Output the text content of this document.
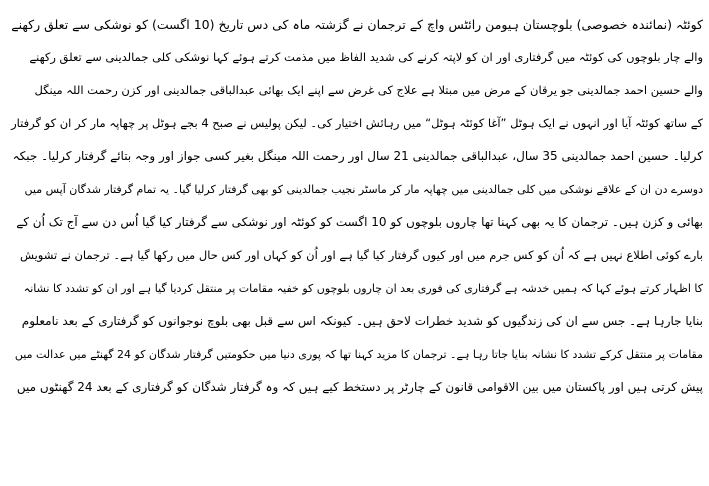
کوئٹہ (نمائندہ خصوصی) بلوچستان ہیومن رائٹس واچ کے ترجمان نے گزشتہ ماہ کی دس تاریخ (10 اگست) کو نوشکی سے تعلق رکھنے
والے چار بلوچوں کی کوئٹہ میں گرفتاری اور ان کو لاپتہ کرنے کی شدید الفاظ میں مذمت کرتے ہوئے کہا نوشکی کلی جمالدینی سے تعلق رکھنے
والے حسین احمد جمالدینی جو یرقان کے مرض میں مبتلا ہے علاج کی غرض سے اپنے ایک بھائی عبدالباقی جمالدینی اور کزن رحمت اللہ مینگل
کے ساتھ کوئٹہ آیا اور انہوں نے ایک ہوٹل ”آغا کوئٹہ ہوٹل“ میں رہائش اختیار کی۔ لیکن پولیس نے صبح 4 بجے ہوٹل پر چھاپہ مار کر ان کو گرفتار
کرلیا۔ حسین احمد جمالدینی 35 سال، عبدالباقی جمالدینی 21 سال اور رحمت اللہ مینگل بغیر کسی جواز اور وجہ بتائے گرفتار کرلیا۔ جبکہ
دوسرے دن ان کے علاقے نوشکی میں کلی جمالدینی میں چھاپہ مار کر ماسٹر نجیب جمالدینی کو بھی گرفتار کرلیا گیا۔ یہ تمام گرفتار شدگان آپس میں
بھائی و کزن ہیں۔ ترجمان کا یہ بھی کہنا تھا چاروں بلوچوں کو 10 اگست کو کوئٹہ اور نوشکی سے گرفتار کیا گیا اُس دن سے آج تک اُن کے
بارے کوئی اطلاع نہیں ہے کہ اُن کو کس جرم میں اور کیوں گرفتار کیا گیا ہے اور اُن کو کہاں اور کس حال میں رکھا گیا ہے۔ ترجمان نے تشویش
کا اظہار کرتے ہوئے کہا کہ ہمیں خدشہ ہے گرفتاری کی فوری بعد ان چاروں بلوچوں کو خفیہ مقامات پر منتقل کردیا گیا ہے اور ان کو تشدد کا نشانہ
بنایا جارہا ہے۔ جس سے ان کی زندگیوں کو شدید خطرات لاحق ہیں۔ کیونکہ اس سے قبل بھی بلوچ نوجوانوں کو گرفتاری کے بعد نامعلوم
مقامات پر منتقل کرکے تشدد کا نشانہ بنایا جاتا رہا ہے۔ ترجمان کا مزید کہنا تھا کہ پوری دنیا میں حکومتیں گرفتار شدگان کو 24 گھنٹے میں عدالت میں
پیش کرتی ہیں اور پاکستان میں بین الاقوامی قانون کے چارٹر پر دستخط کیے ہیں کہ وہ گرفتار شدگان کو گرفتاری کے بعد 24 گھنٹوں میں
